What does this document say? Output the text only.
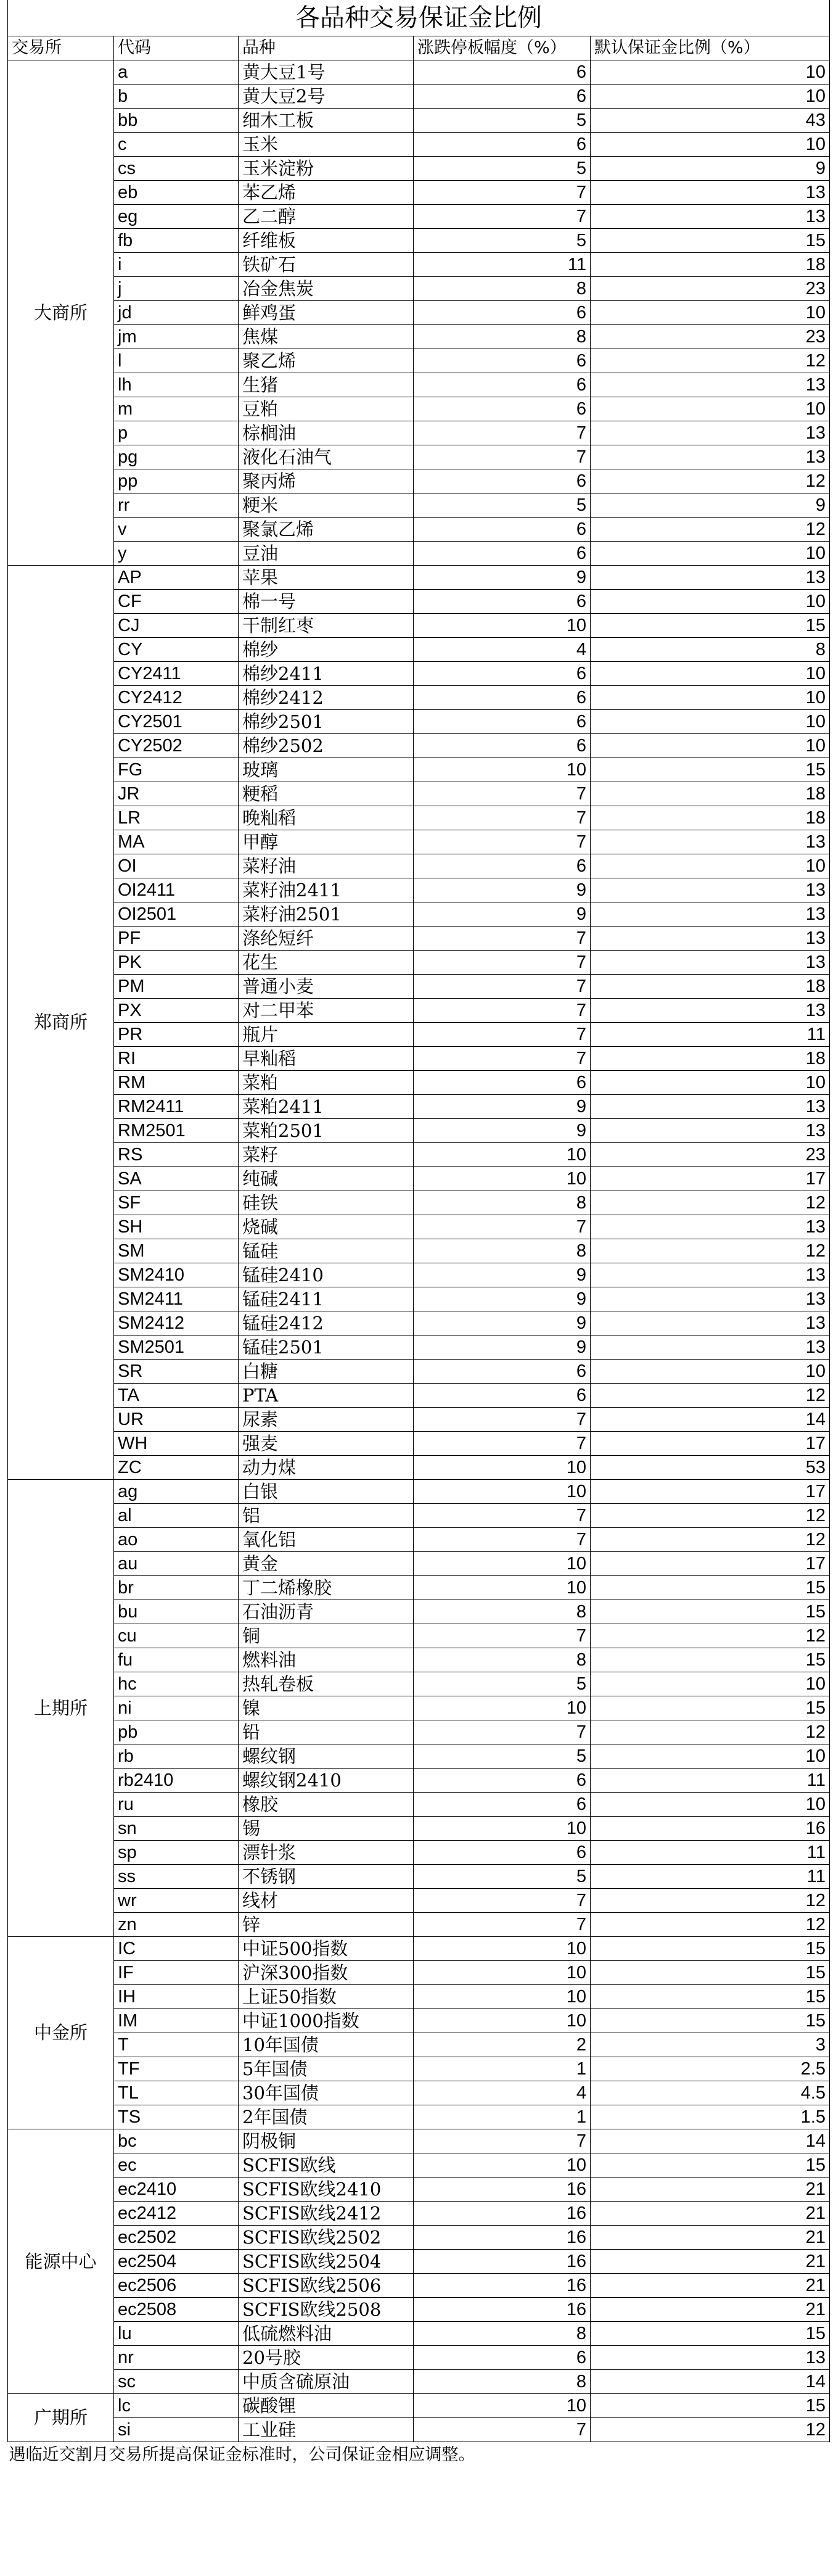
各品种交易保证金比例				
交易所	代码	品种	涨跌停板幅度（%）	默认保证金比例（%）
大商所	a	黄大豆1号	6	10
	b	黄大豆2号	6	10
	bb	细木工板	5	43
	c	玉米	6	10
	cs	玉米淀粉	5	9
	eb	苯乙烯	7	13
	eg	乙二醇	7	13
	fb	纤维板	5	15
	i	铁矿石	11	18
	j	冶金焦炭	8	23
	jd	鲜鸡蛋	6	10
	jm	焦煤	8	23
	l	聚乙烯	6	12
	lh	生猪	6	13
	m	豆粕	6	10
	p	棕榈油	7	13
	pg	液化石油气	7	13
	pp	聚丙烯	6	12
	rr	粳米	5	9
	v	聚氯乙烯	6	12
	y	豆油	6	10
郑商所	AP	苹果	9	13
	CF	棉一号	6	10
	CJ	干制红枣	10	15
	CY	棉纱	4	8
	CY2411	棉纱2411	6	10
	CY2412	棉纱2412	6	10
	CY2501	棉纱2501	6	10
	CY2502	棉纱2502	6	10
	FG	玻璃	10	15
	JR	粳稻	7	18
	LR	晚籼稻	7	18
	MA	甲醇	7	13
	OI	菜籽油	6	10
	OI2411	菜籽油2411	9	13
	OI2501	菜籽油2501	9	13
	PF	涤纶短纤	7	13
	PK	花生	7	13
	PM	普通小麦	7	18
	PX	对二甲苯	7	13
	PR	瓶片	7	11
	RI	早籼稻	7	18
	RM	菜粕	6	10
	RM2411	菜粕2411	9	13
	RM2501	菜粕2501	9	13
	RS	菜籽	10	23
	SA	纯碱	10	17
	SF	硅铁	8	12
	SH	烧碱	7	13
	SM	锰硅	8	12
	SM2410	锰硅2410	9	13
	SM2411	锰硅2411	9	13
	SM2412	锰硅2412	9	13
	SM2501	锰硅2501	9	13
	SR	白糖	6	10
	TA	PTA	6	12
	UR	尿素	7	14
	WH	强麦	7	17
	ZC	动力煤	10	53
上期所	ag	白银	10	17
	al	铝	7	12
	ao	氧化铝	7	12
	au	黄金	10	17
	br	丁二烯橡胶	10	15
	bu	石油沥青	8	15
	cu	铜	7	12
	fu	燃料油	8	15
	hc	热轧卷板	5	10
	ni	镍	10	15
	pb	铅	7	12
	rb	螺纹钢	5	10
	rb2410	螺纹钢2410	6	11
	ru	橡胶	6	10
	sn	锡	10	16
	sp	漂针浆	6	11
	ss	不锈钢	5	11
	wr	线材	7	12
	zn	锌	7	12
中金所	IC	中证500指数	10	15
	IF	沪深300指数	10	15
	IH	上证50指数	10	15
	IM	中证1000指数	10	15
	T	10年国债	2	3
	TF	5年国债	1	2.5
	TL	30年国债	4	4.5
	TS	2年国债	1	1.5
能源中心	bc	阴极铜	7	14
	ec	SCFIS欧线	10	15
	ec2410	SCFIS欧线2410	16	21
	ec2412	SCFIS欧线2412	16	21
	ec2502	SCFIS欧线2502	16	21
	ec2504	SCFIS欧线2504	16	21
	ec2506	SCFIS欧线2506	16	21
	ec2508	SCFIS欧线2508	16	21
	lu	低硫燃料油	8	15
	nr	20号胶	6	13
	sc	中质含硫原油	8	14
广期所	lc	碳酸锂	10	15
	si	工业硅	7	12
遇临近交割月交易所提高保证金标准时，公司保证金相应调整。				
